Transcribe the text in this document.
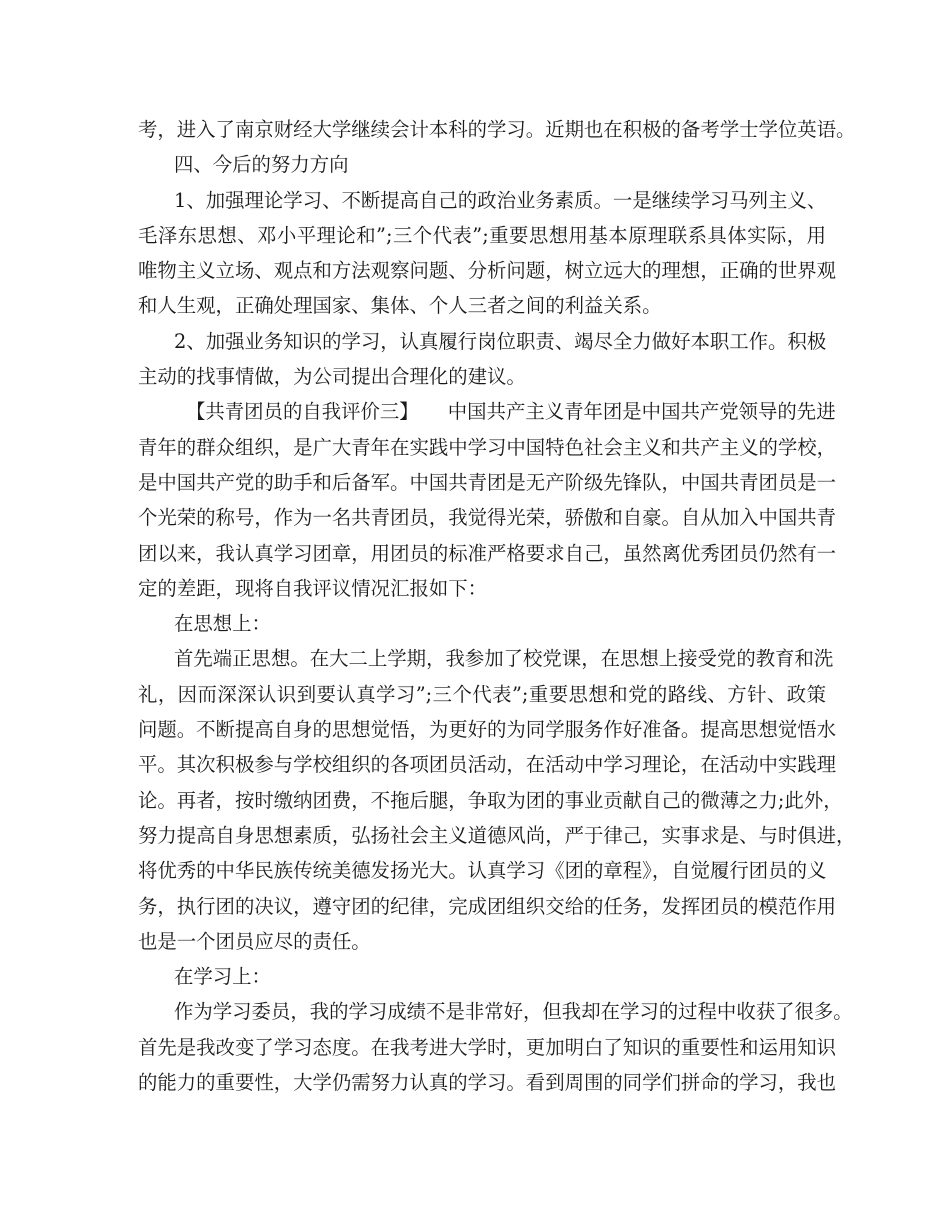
考，进入了南京财经大学继续会计本科的学习。近期也在积极的备考学士学位英语。
四、今后的努力方向
1、加强理论学习、不断提高自己的政治业务素质。一是继续学习马列主义、
毛泽东思想、邓小平理论和”;三个代表”;重要思想用基本原理联系具体实际，用
唯物主义立场、观点和方法观察问题、分析问题，树立远大的理想，正确的世界观
和人生观，正确处理国家、集体、个人三者之间的利益关系。
2、加强业务知识的学习，认真履行岗位职责、竭尽全力做好本职工作。积极
主动的找事情做，为公司提出合理化的建议。
【共青团员的自我评价三】　　中国共产主义青年团是中国共产党领导的先进
青年的群众组织，是广大青年在实践中学习中国特色社会主义和共产主义的学校，
是中国共产党的助手和后备军。中国共青团是无产阶级先锋队，中国共青团员是一
个光荣的称号，作为一名共青团员，我觉得光荣，骄傲和自豪。自从加入中国共青
团以来，我认真学习团章，用团员的标准严格要求自己，虽然离优秀团员仍然有一
定的差距，现将自我评议情况汇报如下：
在思想上：
首先端正思想。在大二上学期，我参加了校党课，在思想上接受党的教育和洗
礼，因而深深认识到要认真学习”;三个代表”;重要思想和党的路线、方针、政策
问题。不断提高自身的思想觉悟，为更好的为同学服务作好准备。提高思想觉悟水
平。其次积极参与学校组织的各项团员活动，在活动中学习理论，在活动中实践理
论。再者，按时缴纳团费，不拖后腿，争取为团的事业贡献自己的微薄之力;此外，
努力提高自身思想素质，弘扬社会主义道德风尚，严于律己，实事求是、与时俱进，
将优秀的中华民族传统美德发扬光大。认真学习《团的章程》，自觉履行团员的义
务，执行团的决议，遵守团的纪律，完成团组织交给的任务，发挥团员的模范作用
也是一个团员应尽的责任。
在学习上：
作为学习委员，我的学习成绩不是非常好，但我却在学习的过程中收获了很多。
首先是我改变了学习态度。在我考进大学时，更加明白了知识的重要性和运用知识
的能力的重要性，大学仍需努力认真的学习。看到周围的同学们拼命的学习，我也
